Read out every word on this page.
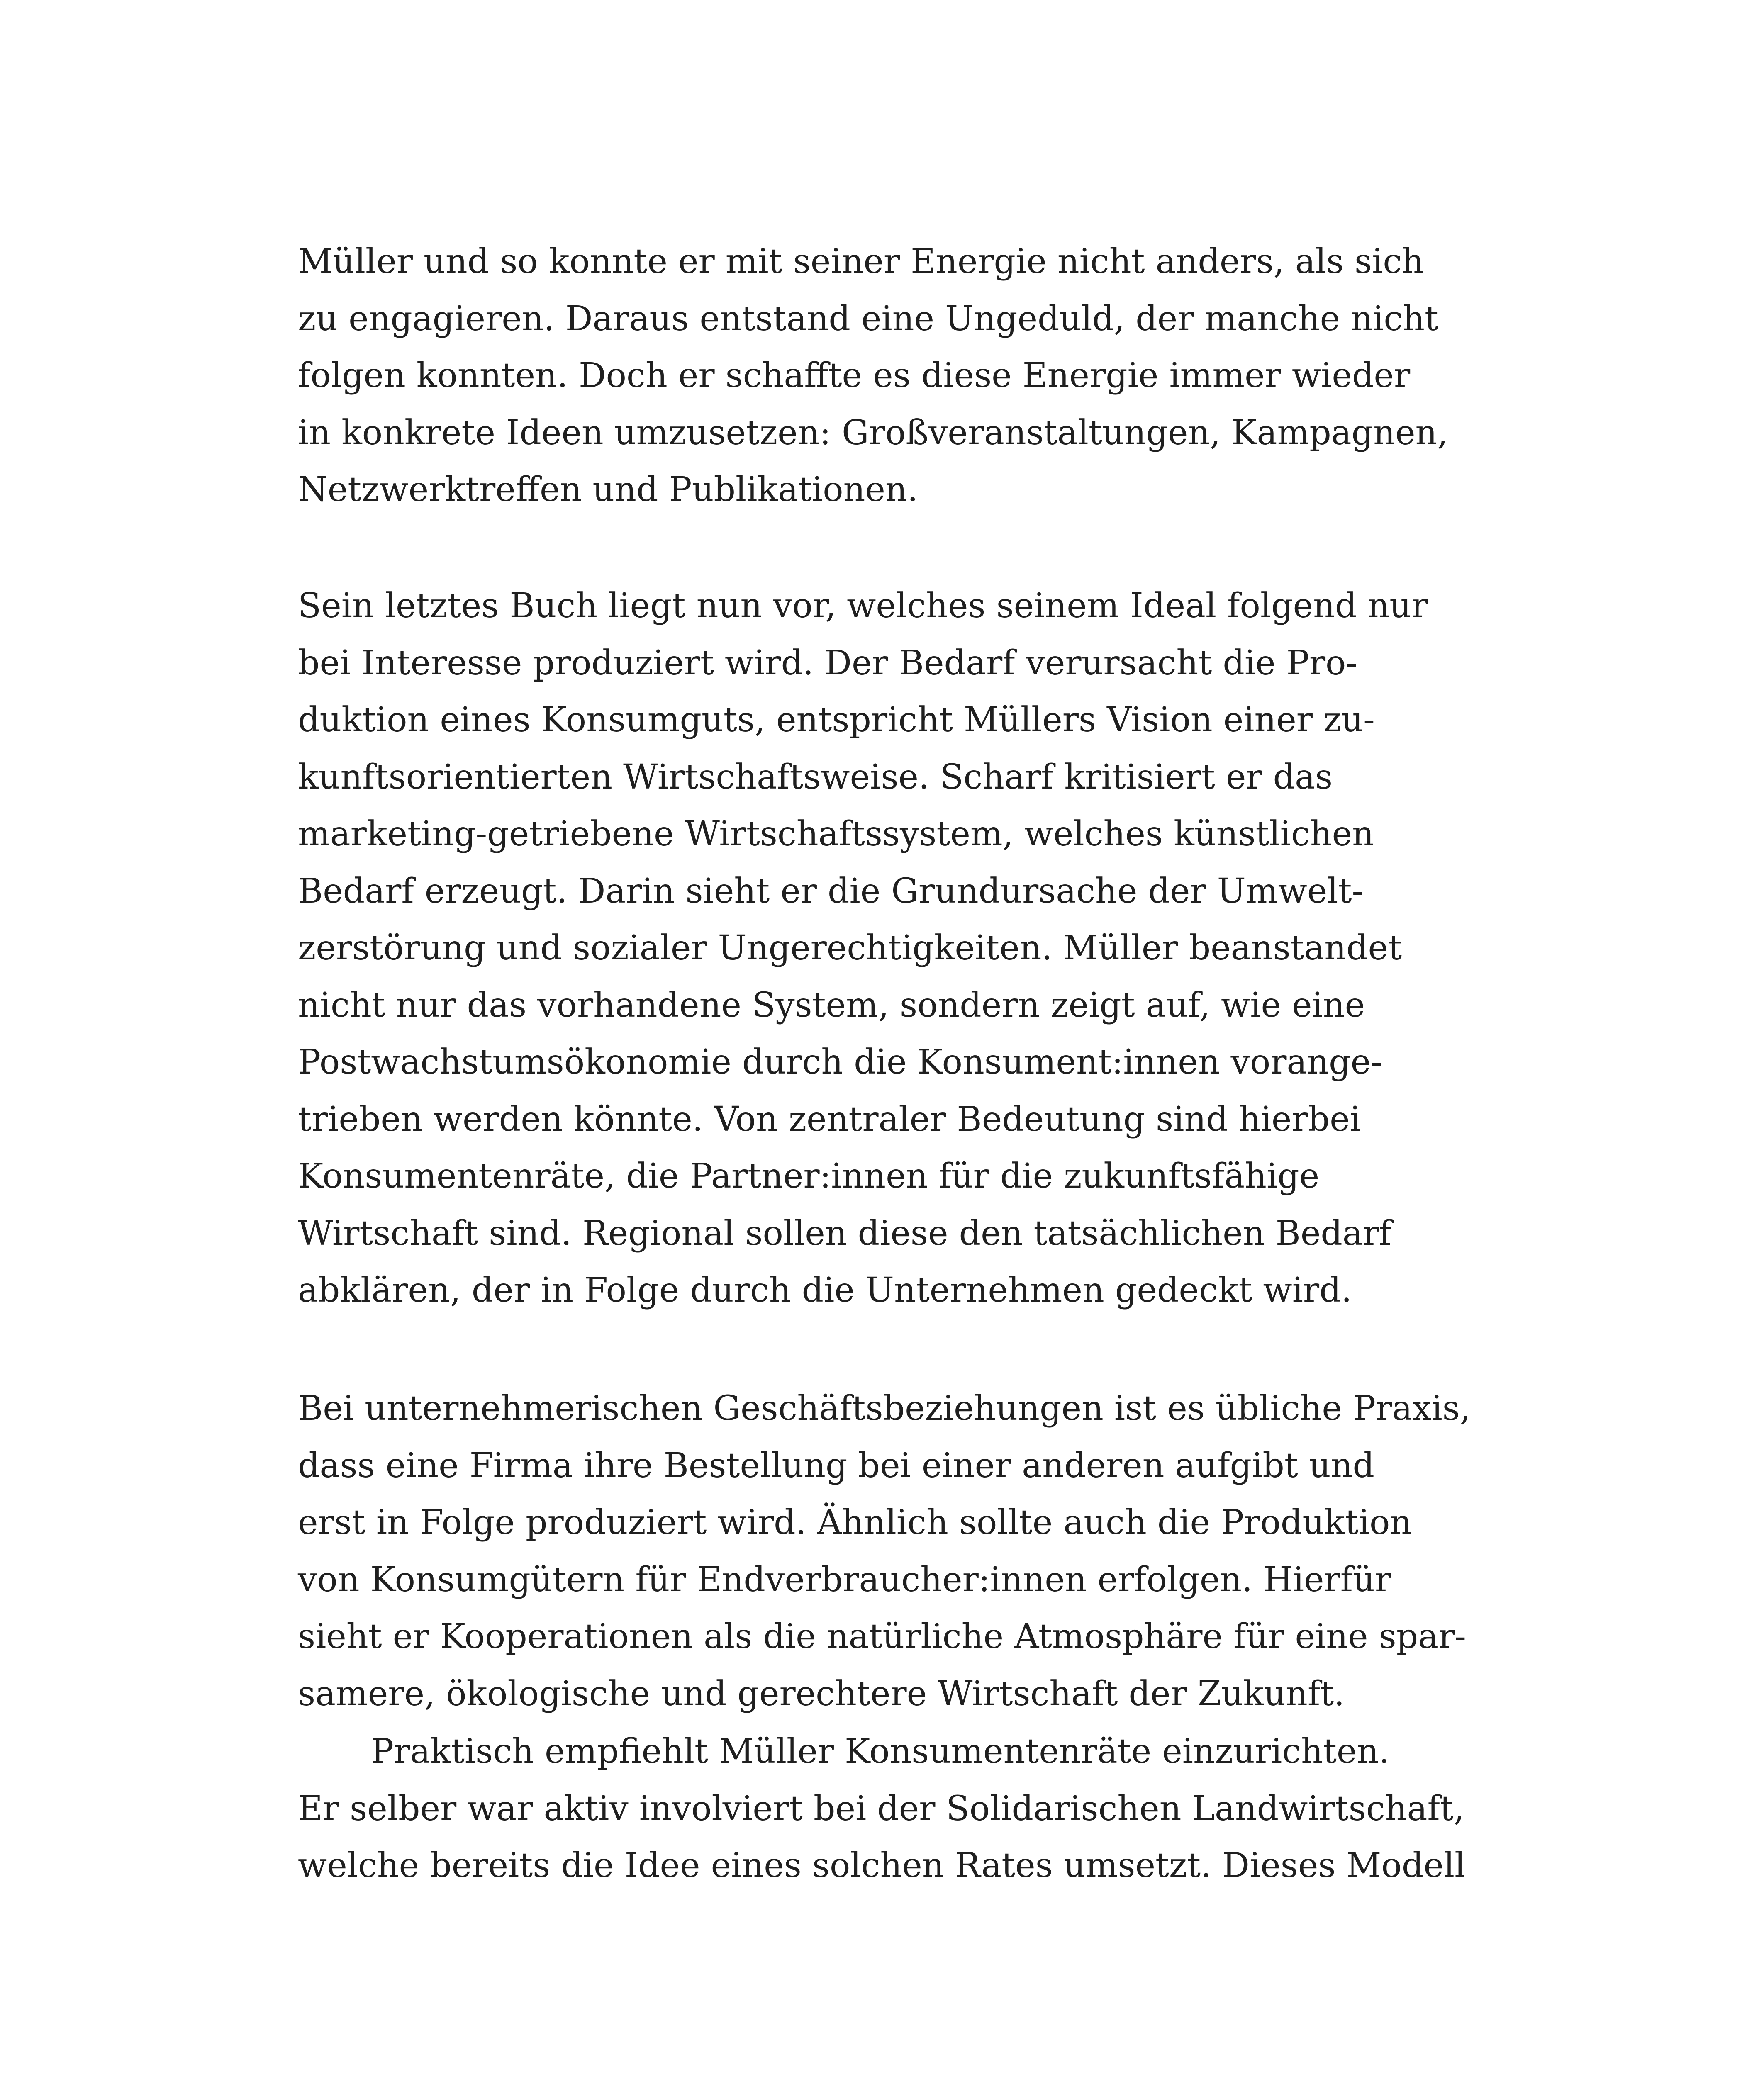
Müller und so konnte er mit seiner Energie nicht anders, als sich
zu engagieren. Daraus entstand eine Ungeduld, der manche nicht
folgen konnten. Doch er schaffte es diese Energie immer wieder
in konkrete Ideen umzusetzen: Großveranstaltungen, Kampagnen,
Netzwerktreffen und Publikationen.

Sein letztes Buch liegt nun vor, welches seinem Ideal folgend nur
bei Interesse produziert wird. Der Bedarf verursacht die Pro-
duktion eines Konsumguts, entspricht Müllers Vision einer zu-
kunftsorientierten Wirtschaftsweise. Scharf kritisiert er das
marketing-getriebene Wirtschaftssystem, welches künstlichen
Bedarf erzeugt. Darin sieht er die Grundursache der Umwelt-
zerstörung und sozialer Ungerechtigkeiten. Müller beanstandet
nicht nur das vorhandene System, sondern zeigt auf, wie eine
Postwachstumsökonomie durch die Konsument:innen vorange-
trieben werden könnte. Von zentraler Bedeutung sind hierbei
Konsumentenräte, die Partner:innen für die zukunftsfähige
Wirtschaft sind. Regional sollen diese den tatsächlichen Bedarf
abklären, der in Folge durch die Unternehmen gedeckt wird.

Bei unternehmerischen Geschäftsbeziehungen ist es übliche Praxis,
dass eine Firma ihre Bestellung bei einer anderen aufgibt und
erst in Folge produziert wird. Ähnlich sollte auch die Produktion
von Konsumgütern für Endverbraucher:innen erfolgen. Hierfür
sieht er Kooperationen als die natürliche Atmosphäre für eine spar-
samere, ökologische und gerechtere Wirtschaft der Zukunft.

Praktisch empfiehlt Müller Konsumentenräte einzurichten.
Er selber war aktiv involviert bei der Solidarischen Landwirtschaft,
welche bereits die Idee eines solchen Rates umsetzt. Dieses Modell
